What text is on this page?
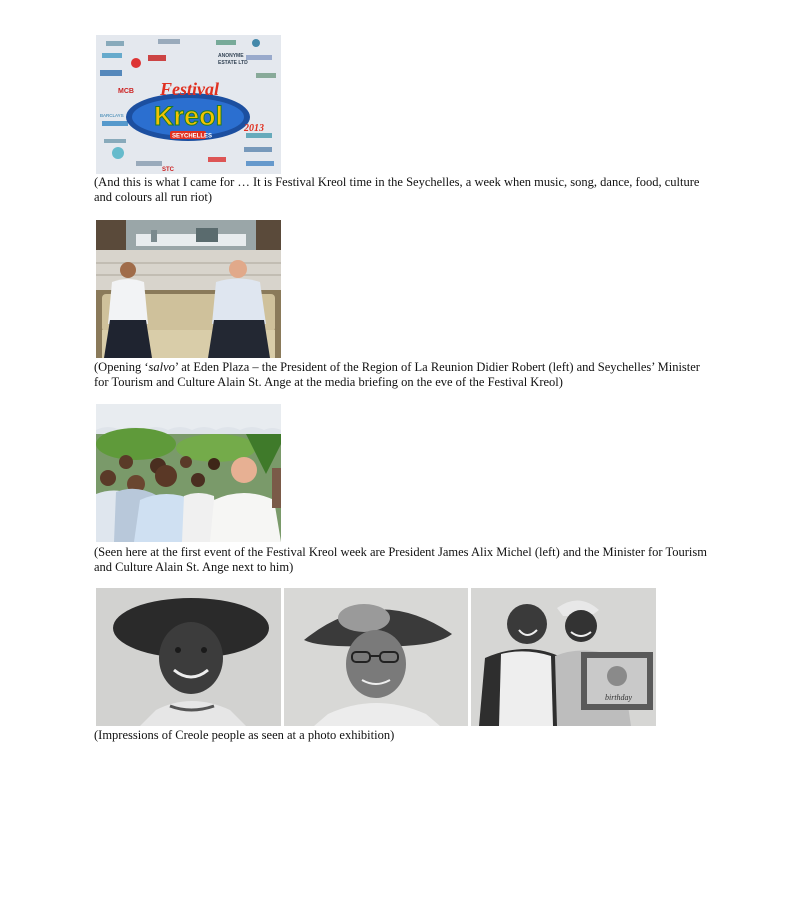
MCB
ANONYME
ESTATE LTD
STC
BARCLAYS
Festival
Kreol
SEYCHELLES
2013

(And this is what I came for … It is Festival Kreol time in the Seychelles, a week when music, song, dance, food, culture and colours all run riot)

(Opening ‘salvo’ at Eden Plaza – the President of the Region of La Reunion Didier Robert (left) and Seychelles’ Minister for Tourism and Culture Alain St. Ange at the media briefing on the eve of the Festival Kreol)

(Seen here at the first event of the Festival Kreol week are President James Alix Michel (left) and the Minister for Tourism and Culture Alain St. Ange next to him)

birthday

(Impressions of Creole people as seen at a photo exhibition)
